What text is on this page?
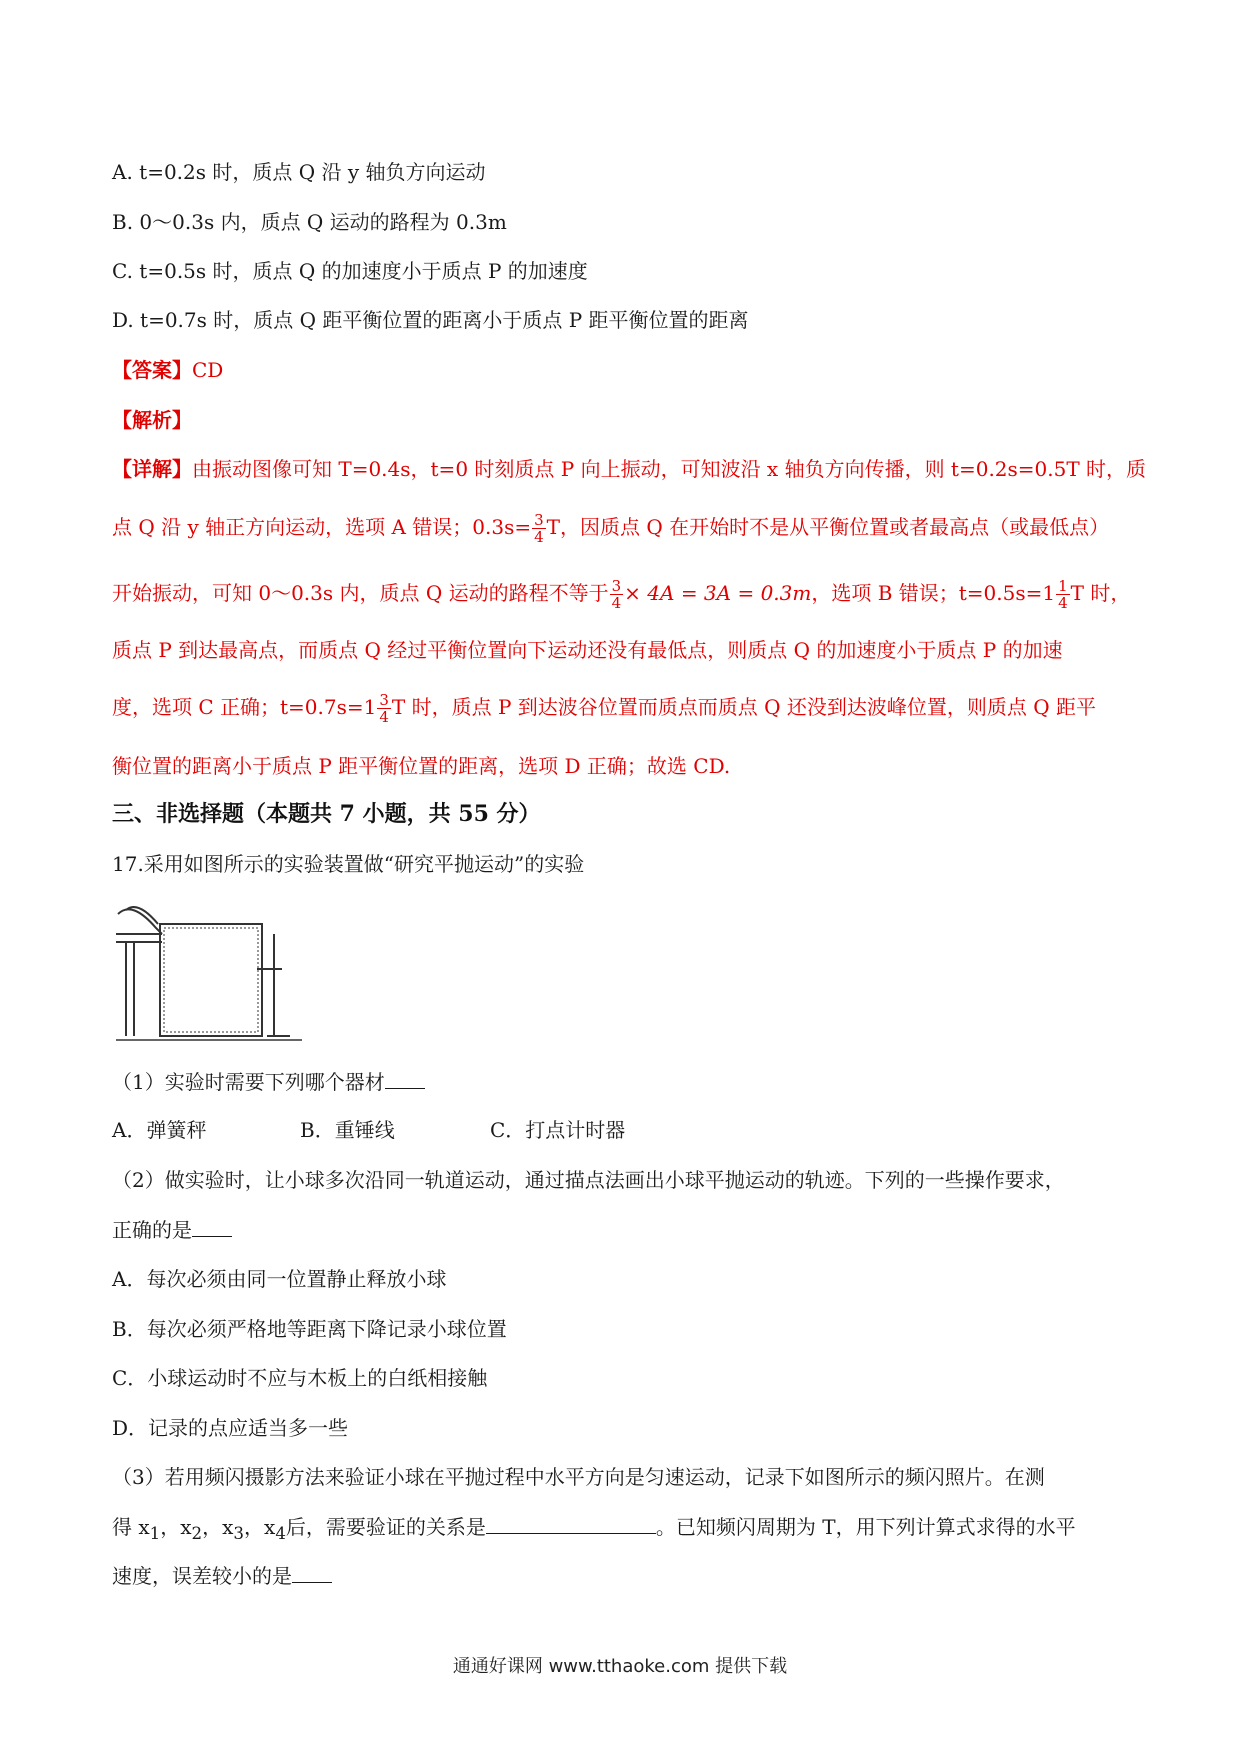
A. t=0.2s 时，质点 Q 沿 y 轴负方向运动
B. 0～0.3s 内，质点 Q 运动的路程为 0.3m
C. t=0.5s 时，质点 Q 的加速度小于质点 P 的加速度
D. t=0.7s 时，质点 Q 距平衡位置的距离小于质点 P 距平衡位置的距离
【答案】CD
【解析】
【详解】由振动图像可知 T=0.4s，t=0 时刻质点 P 向上振动，可知波沿 x 轴负方向传播，则 t=0.2s=0.5T 时，质
点 Q 沿 y 轴正方向运动，选项 A 错误；$0.3s= \frac{3}{4}$ T，因质点 Q 在开始时不是从平衡位置或者最高点（或最低点）
开始振动，可知 0～0.3s 内，质点 Q 运动的路程不等于 $\frac{3}{4} \times 4A = 3A = 0.3m$，选项 B 错误；$t=0.5s=1 \frac{1}{4}$ T 时，
质点 P 到达最高点，而质点 Q 经过平衡位置向下运动还没有最低点，则质点 Q 的加速度小于质点 P 的加速
度，选项 C 正确；$t=0.7s=1 \frac{3}{4}$ T 时，质点 P 到达波谷位置而质点而质点 Q 还没到达波峰位置，则质点 Q 距平
衡位置的距离小于质点 P 距平衡位置的距离，选项 D 正确；故选 CD.
三、非选择题（本题共 7 小题，共 55 分）
17.采用如图所示的实验装置做“研究平抛运动”的实验
（1）实验时需要下列哪个器材
A．弹簧秤	B．重锤线	C．打点计时器
（2）做实验时，让小球多次沿同一轨道运动，通过描点法画出小球平抛运动的轨迹。下列的一些操作要求，
正确的是
A．每次必须由同一位置静止释放小球
B．每次必须严格地等距离下降记录小球位置
C．小球运动时不应与木板上的白纸相接触
D．记录的点应适当多一些
（3）若用频闪摄影方法来验证小球在平抛过程中水平方向是匀速运动，记录下如图所示的频闪照片。在测
得 $x_1$，$x_2$，$x_3$，$x_4$后，需要验证的关系是	。已知频闪周期为 T，用下列计算式求得的水平
速度，误差较小的是
通通好课网 www.tthaoke.com 提供下载
